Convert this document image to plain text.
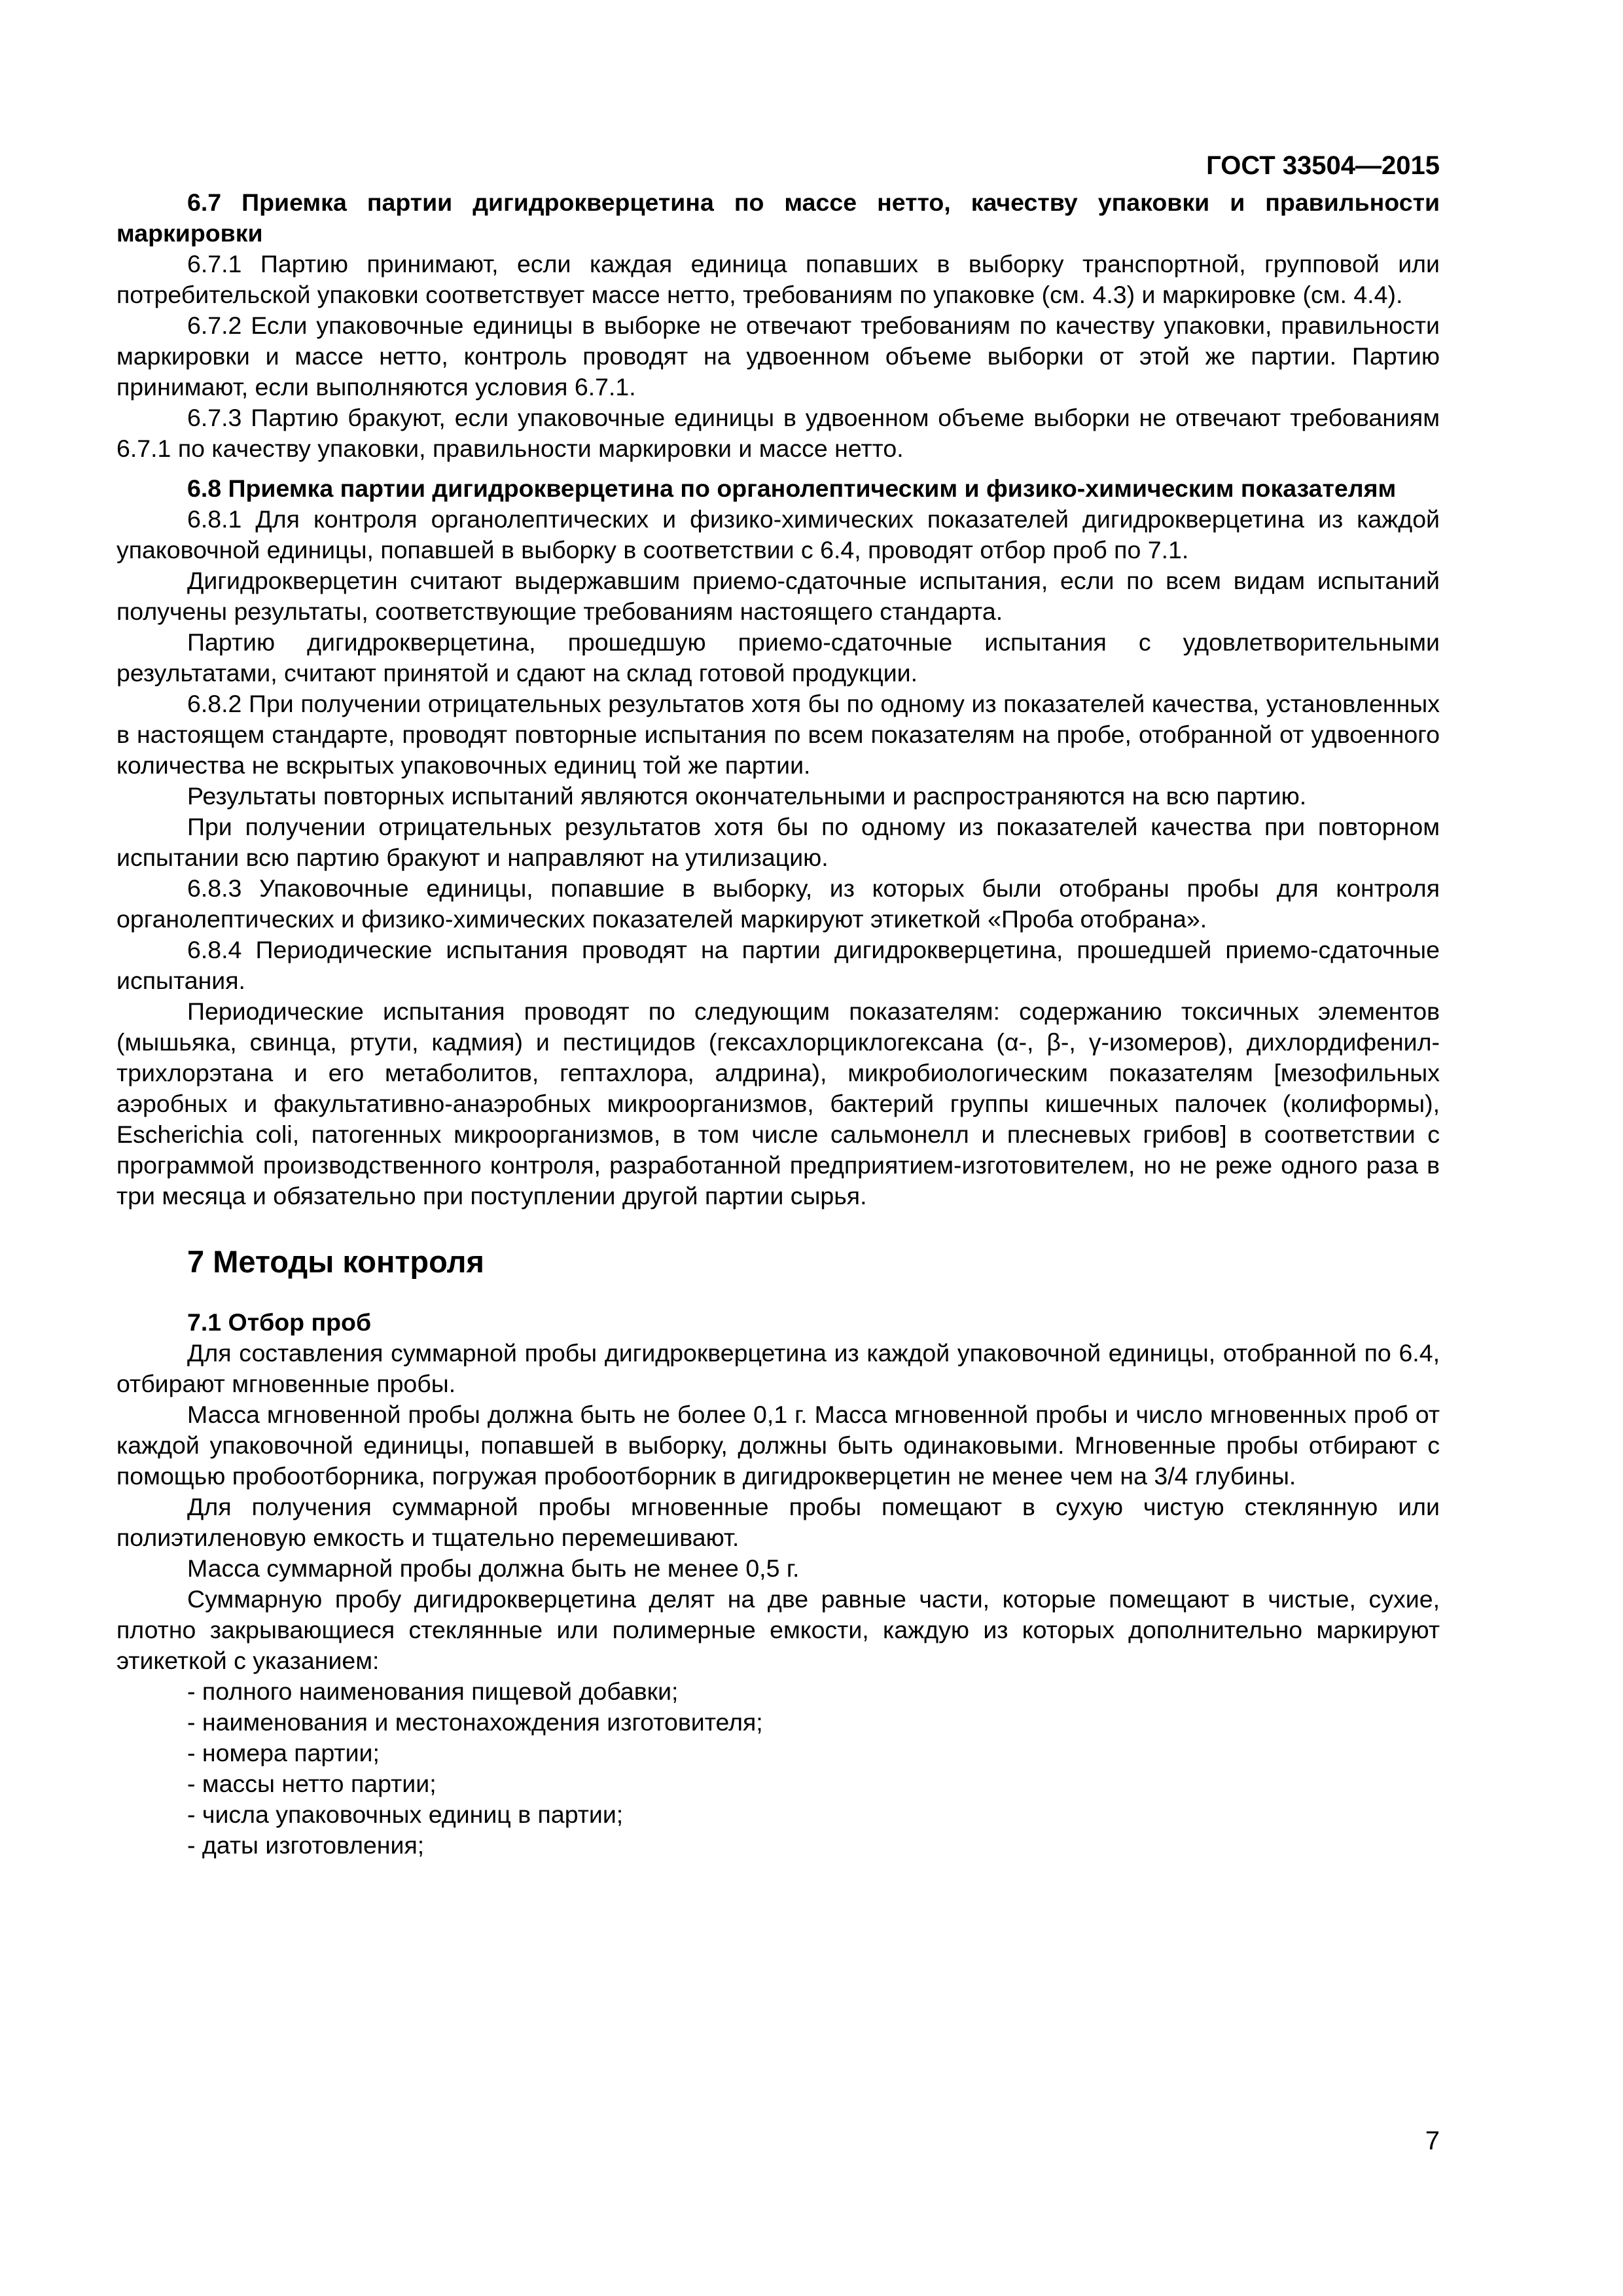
ГОСТ 33504—2015

6.7 Приемка партии дигидрокверцетина по массе нетто, качеству упаковки и правильности маркировки

6.7.1 Партию принимают, если каждая единица попавших в выборку транспортной, групповой или потребительской упаковки соответствует массе нетто, требованиям по упаковке (см. 4.3) и маркировке (см. 4.4).

6.7.2 Если упаковочные единицы в выборке не отвечают требованиям по качеству упаковки, правильности маркировки и массе нетто, контроль проводят на удвоенном объеме выборки от этой же партии. Партию принимают, если выполняются условия 6.7.1.

6.7.3 Партию бракуют, если упаковочные единицы в удвоенном объеме выборки не отвечают требованиям 6.7.1 по качеству упаковки, правильности маркировки и массе нетто.

6.8 Приемка партии дигидрокверцетина по органолептическим и физико-химическим показателям

6.8.1 Для контроля органолептических и физико-химических показателей дигидрокверцетина из каждой упаковочной единицы, попавшей в выборку в соответствии с 6.4, проводят отбор проб по 7.1.

Дигидрокверцетин считают выдержавшим приемо-сдаточные испытания, если по всем видам испытаний получены результаты, соответствующие требованиям настоящего стандарта.

Партию дигидрокверцетина, прошедшую приемо-сдаточные испытания с удовлетворительными результатами, считают принятой и сдают на склад готовой продукции.

6.8.2 При получении отрицательных результатов хотя бы по одному из показателей качества, установленных в настоящем стандарте, проводят повторные испытания по всем показателям на пробе, отобранной от удвоенного количества не вскрытых упаковочных единиц той же партии.

Результаты повторных испытаний являются окончательными и распространяются на всю партию.

При получении отрицательных результатов хотя бы по одному из показателей качества при повторном испытании всю партию бракуют и направляют на утилизацию.

6.8.3 Упаковочные единицы, попавшие в выборку, из которых были отобраны пробы для контроля органолептических и физико-химических показателей маркируют этикеткой «Проба отобрана».

6.8.4 Периодические испытания проводят на партии дигидрокверцетина, прошедшей приемо-сдаточные испытания.

Периодические испытания проводят по следующим показателям: содержанию токсичных элементов (мышьяка, свинца, ртути, кадмия) и пестицидов (гексахлорциклогексана (α-, β-, γ-изомеров), дихлордифенил-трихлорэтана и его метаболитов, гептахлора, алдрина), микробиологическим показателям [мезофильных аэробных и факультативно-анаэробных микроорганизмов, бактерий группы кишечных палочек (колиформы), Escherichia coli, патогенных микроорганизмов, в том числе сальмонелл и плесневых грибов] в соответствии с программой производственного контроля, разработанной предприятием-изготовителем, но не реже одного раза в три месяца и обязательно при поступлении другой партии сырья.

7 Методы контроля

7.1 Отбор проб

Для составления суммарной пробы дигидрокверцетина из каждой упаковочной единицы, отобранной по 6.4, отбирают мгновенные пробы.

Масса мгновенной пробы должна быть не более 0,1 г. Масса мгновенной пробы и число мгновенных проб от каждой упаковочной единицы, попавшей в выборку, должны быть одинаковыми. Мгновенные пробы отбирают с помощью пробоотборника, погружая пробоотборник в дигидрокверцетин не менее чем на 3/4 глубины.

Для получения суммарной пробы мгновенные пробы помещают в сухую чистую стеклянную или полиэтиленовую емкость и тщательно перемешивают.

Масса суммарной пробы должна быть не менее 0,5 г.

Суммарную пробу дигидрокверцетина делят на две равные части, которые помещают в чистые, сухие, плотно закрывающиеся стеклянные или полимерные емкости, каждую из которых дополнительно маркируют этикеткой с указанием:

- полного наименования пищевой добавки;

- наименования и местонахождения изготовителя;

- номера партии;

- массы нетто партии;

- числа упаковочных единиц в партии;

- даты изготовления;

7
